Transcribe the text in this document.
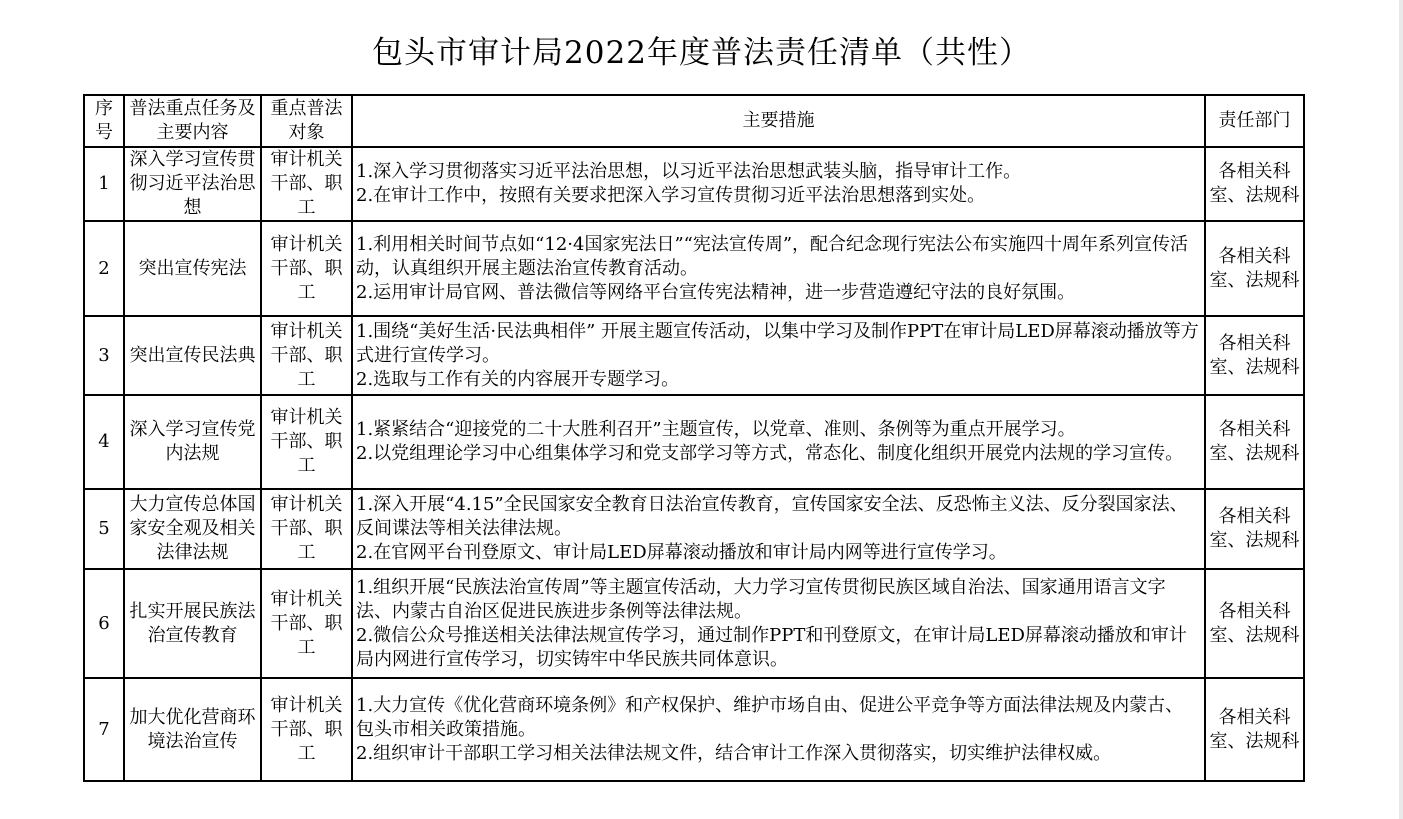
包头市审计局2022年度普法责任清单（共性）
序号	普法重点任务及主要内容	重点普法对象	主要措施	责任部门
1	深入学习宣传贯彻习近平法治思想	审计机关干部、职工	1.深入学习贯彻落实习近平法治思想，以习近平法治思想武装头脑，指导审计工作。
2.在审计工作中，按照有关要求把深入学习宣传贯彻习近平法治思想落到实处。	各相关科室、法规科
2	突出宣传宪法	审计机关干部、职工	1.利用相关时间节点如“12·4国家宪法日”“宪法宣传周”，配合纪念现行宪法公布实施四十周年系列宣传活动，认真组织开展主题法治宣传教育活动。
2.运用审计局官网、普法微信等网络平台宣传宪法精神，进一步营造遵纪守法的良好氛围。	各相关科室、法规科
3	突出宣传民法典	审计机关干部、职工	1.围绕“美好生活·民法典相伴” 开展主题宣传活动，以集中学习及制作PPT在审计局LED屏幕滚动播放等方式进行宣传学习。
2.选取与工作有关的内容展开专题学习。	各相关科室、法规科
4	深入学习宣传党内法规	审计机关干部、职工	1.紧紧结合“迎接党的二十大胜利召开”主题宣传，以党章、准则、条例等为重点开展学习。
2.以党组理论学习中心组集体学习和党支部学习等方式，常态化、制度化组织开展党内法规的学习宣传。	各相关科室、法规科
5	大力宣传总体国家安全观及相关法律法规	审计机关干部、职工	1.深入开展“4.15”全民国家安全教育日法治宣传教育，宣传国家安全法、反恐怖主义法、反分裂国家法、反间谍法等相关法律法规。
2.在官网平台刊登原文、审计局LED屏幕滚动播放和审计局内网等进行宣传学习。	各相关科室、法规科
6	扎实开展民族法治宣传教育	审计机关干部、职工	1.组织开展“民族法治宣传周”等主题宣传活动，大力学习宣传贯彻民族区域自治法、国家通用语言文字法、内蒙古自治区促进民族进步条例等法律法规。
2.微信公众号推送相关法律法规宣传学习，通过制作PPT和刊登原文，在审计局LED屏幕滚动播放和审计局内网进行宣传学习，切实铸牢中华民族共同体意识。	各相关科室、法规科
7	加大优化营商环境法治宣传	审计机关干部、职工	1.大力宣传《优化营商环境条例》和产权保护、维护市场自由、促进公平竞争等方面法律法规及内蒙古、包头市相关政策措施。
2.组织审计干部职工学习相关法律法规文件，结合审计工作深入贯彻落实，切实维护法律权威。	各相关科室、法规科
